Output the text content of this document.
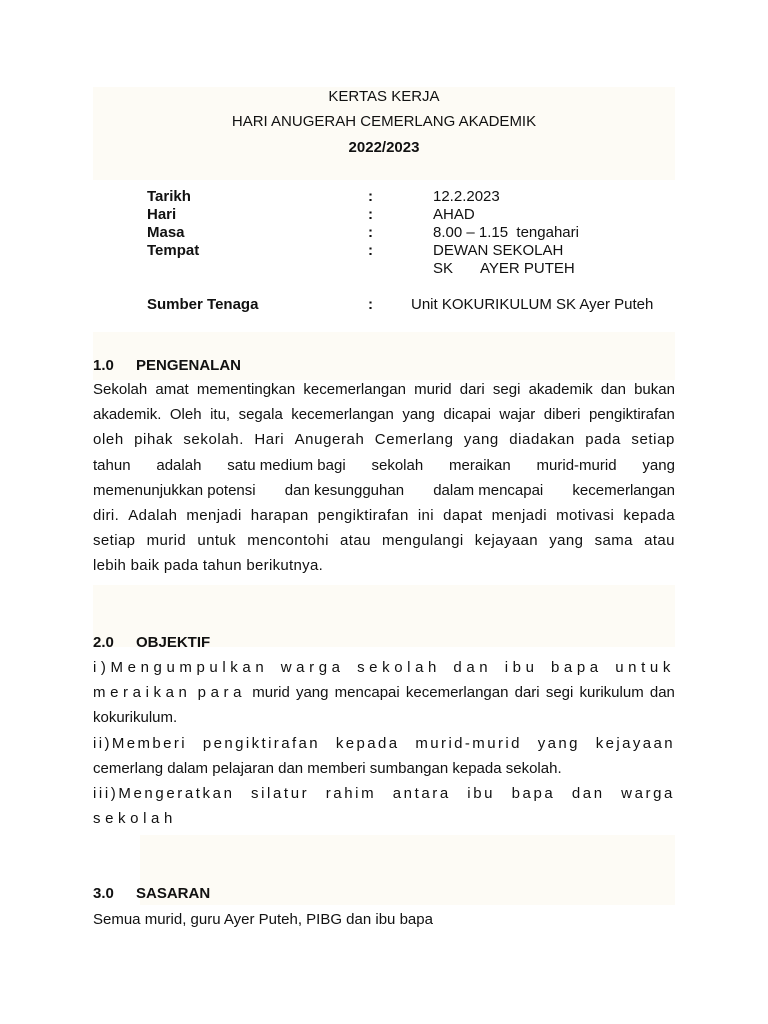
KERTAS KERJA
HARI ANUGERAH CEMERLANG AKADEMIK
2022/2023
Tarikh	:	12.2.2023
Hari	:	AHAD
Masa	:	8.00 – 1.15  tengahari
Tempat	:	DEWAN SEKOLAH
SK AYER PUTEH
Sumber Tenaga	:	Unit KOKURIKULUM SK Ayer Puteh
1.0 PENGENALAN
Sekolah amat mementingkan kecemerlangan murid dari segi akademik dan bukan
akademik. Oleh itu, segala kecemerlangan yang dicapai wajar diberi pengiktirafan
oleh pihak sekolah. Hari Anugerah Cemerlang yang diadakan pada setiap
tahun adalah satu medium bagi sekolah meraikan murid-murid yang
memenunjukkan potensi dan kesungguhan dalam mencapai kecemerlangan
diri. Adalah menjadi harapan pengiktirafan ini dapat menjadi motivasi kepada
setiap murid untuk mencontohi atau mengulangi kejayaan yang sama atau
lebih baik pada tahun berikutnya.
2.0 OBJEKTIF
i)Mengumpulkan warga sekolah dan ibu bapa untuk
meraikan para murid yang mencapai kecemerlangan dari segi kurikulum dan
kokurikulum.
ii)Memberi pengiktirafan kepada murid-murid yang kejayaan
cemerlang dalam pelajaran dan memberi sumbangan kepada sekolah.
iii)Mengeratkan silatur rahim antara ibu bapa dan warga
sekolah
3.0 SASARAN
Semua murid, guru Ayer Puteh, PIBG dan ibu bapa
